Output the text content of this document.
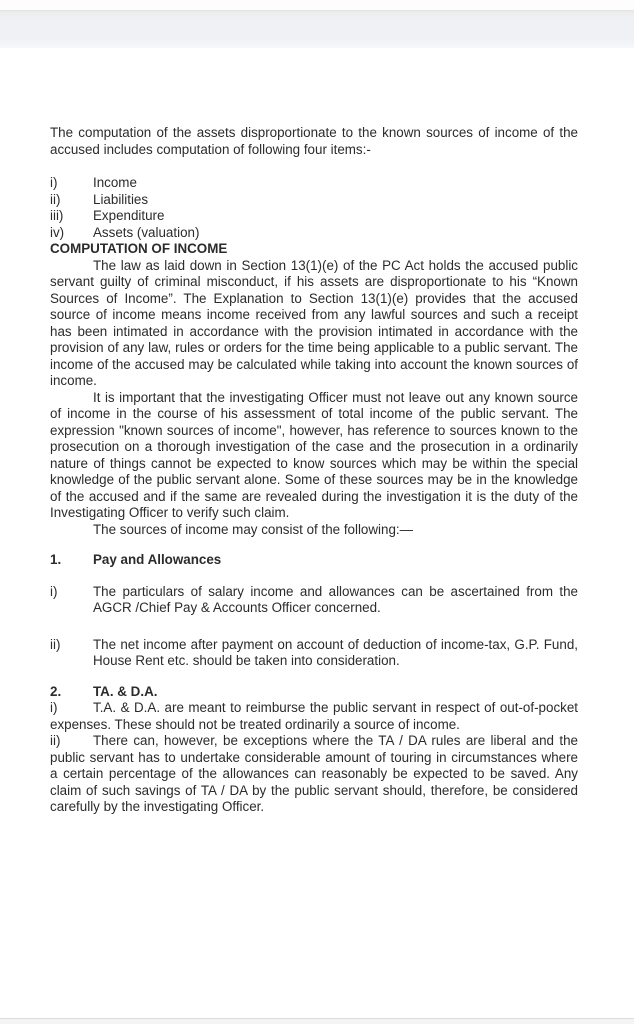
The computation of the assets disproportionate to the known sources of income of the accused includes computation of following four items:-

i)	Income
ii)	Liabilities
iii)	Expenditure
iv)	Assets (valuation)

COMPUTATION OF INCOME

The law as laid down in Section 13(1)(e) of the PC Act holds the accused public servant guilty of criminal misconduct, if his assets are disproportionate to his “Known Sources of Income”. The Explanation to Section 13(1)(e) provides that the accused source of income means income received from any lawful sources and such a receipt has been intimated in accordance with the provision intimated in accordance with the provision of any law, rules or orders for the time being applicable to a public servant. The income of the accused may be calculated while taking into account the known sources of income.

It is important that the investigating Officer must not leave out any known source of income in the course of his assessment of total income of the public servant. The expression "known sources of income", however, has reference to sources known to the prosecution on a thorough investigation of the case and the prosecution in a ordinarily nature of things cannot be expected to know sources which may be within the special knowledge of the public servant alone. Some of these sources may be in the knowledge of the accused and if the same are revealed during the investigation it is the duty of the Investigating Officer to verify such claim.

The sources of income may consist of the following:—

1.	Pay and Allowances
i)	The particulars of salary income and allowances can be ascertained from the AGCR /Chief Pay & Accounts Officer concerned.
ii)	The net income after payment on account of deduction of income-tax, G.P. Fund, House Rent etc. should be taken into consideration.
2.	TA. & D.A.

i)	T.A. & D.A. are meant to reimburse the public servant in respect of out-of-pocket expenses. These should not be treated ordinarily a source of income.

ii) There can, however, be exceptions where the TA / DA rules are liberal and the public servant has to undertake considerable amount of touring in circumstances where a certain percentage of the allowances can reasonably be expected to be saved. Any claim of such savings of TA / DA by the public servant should, therefore, be considered carefully by the investigating Officer.
